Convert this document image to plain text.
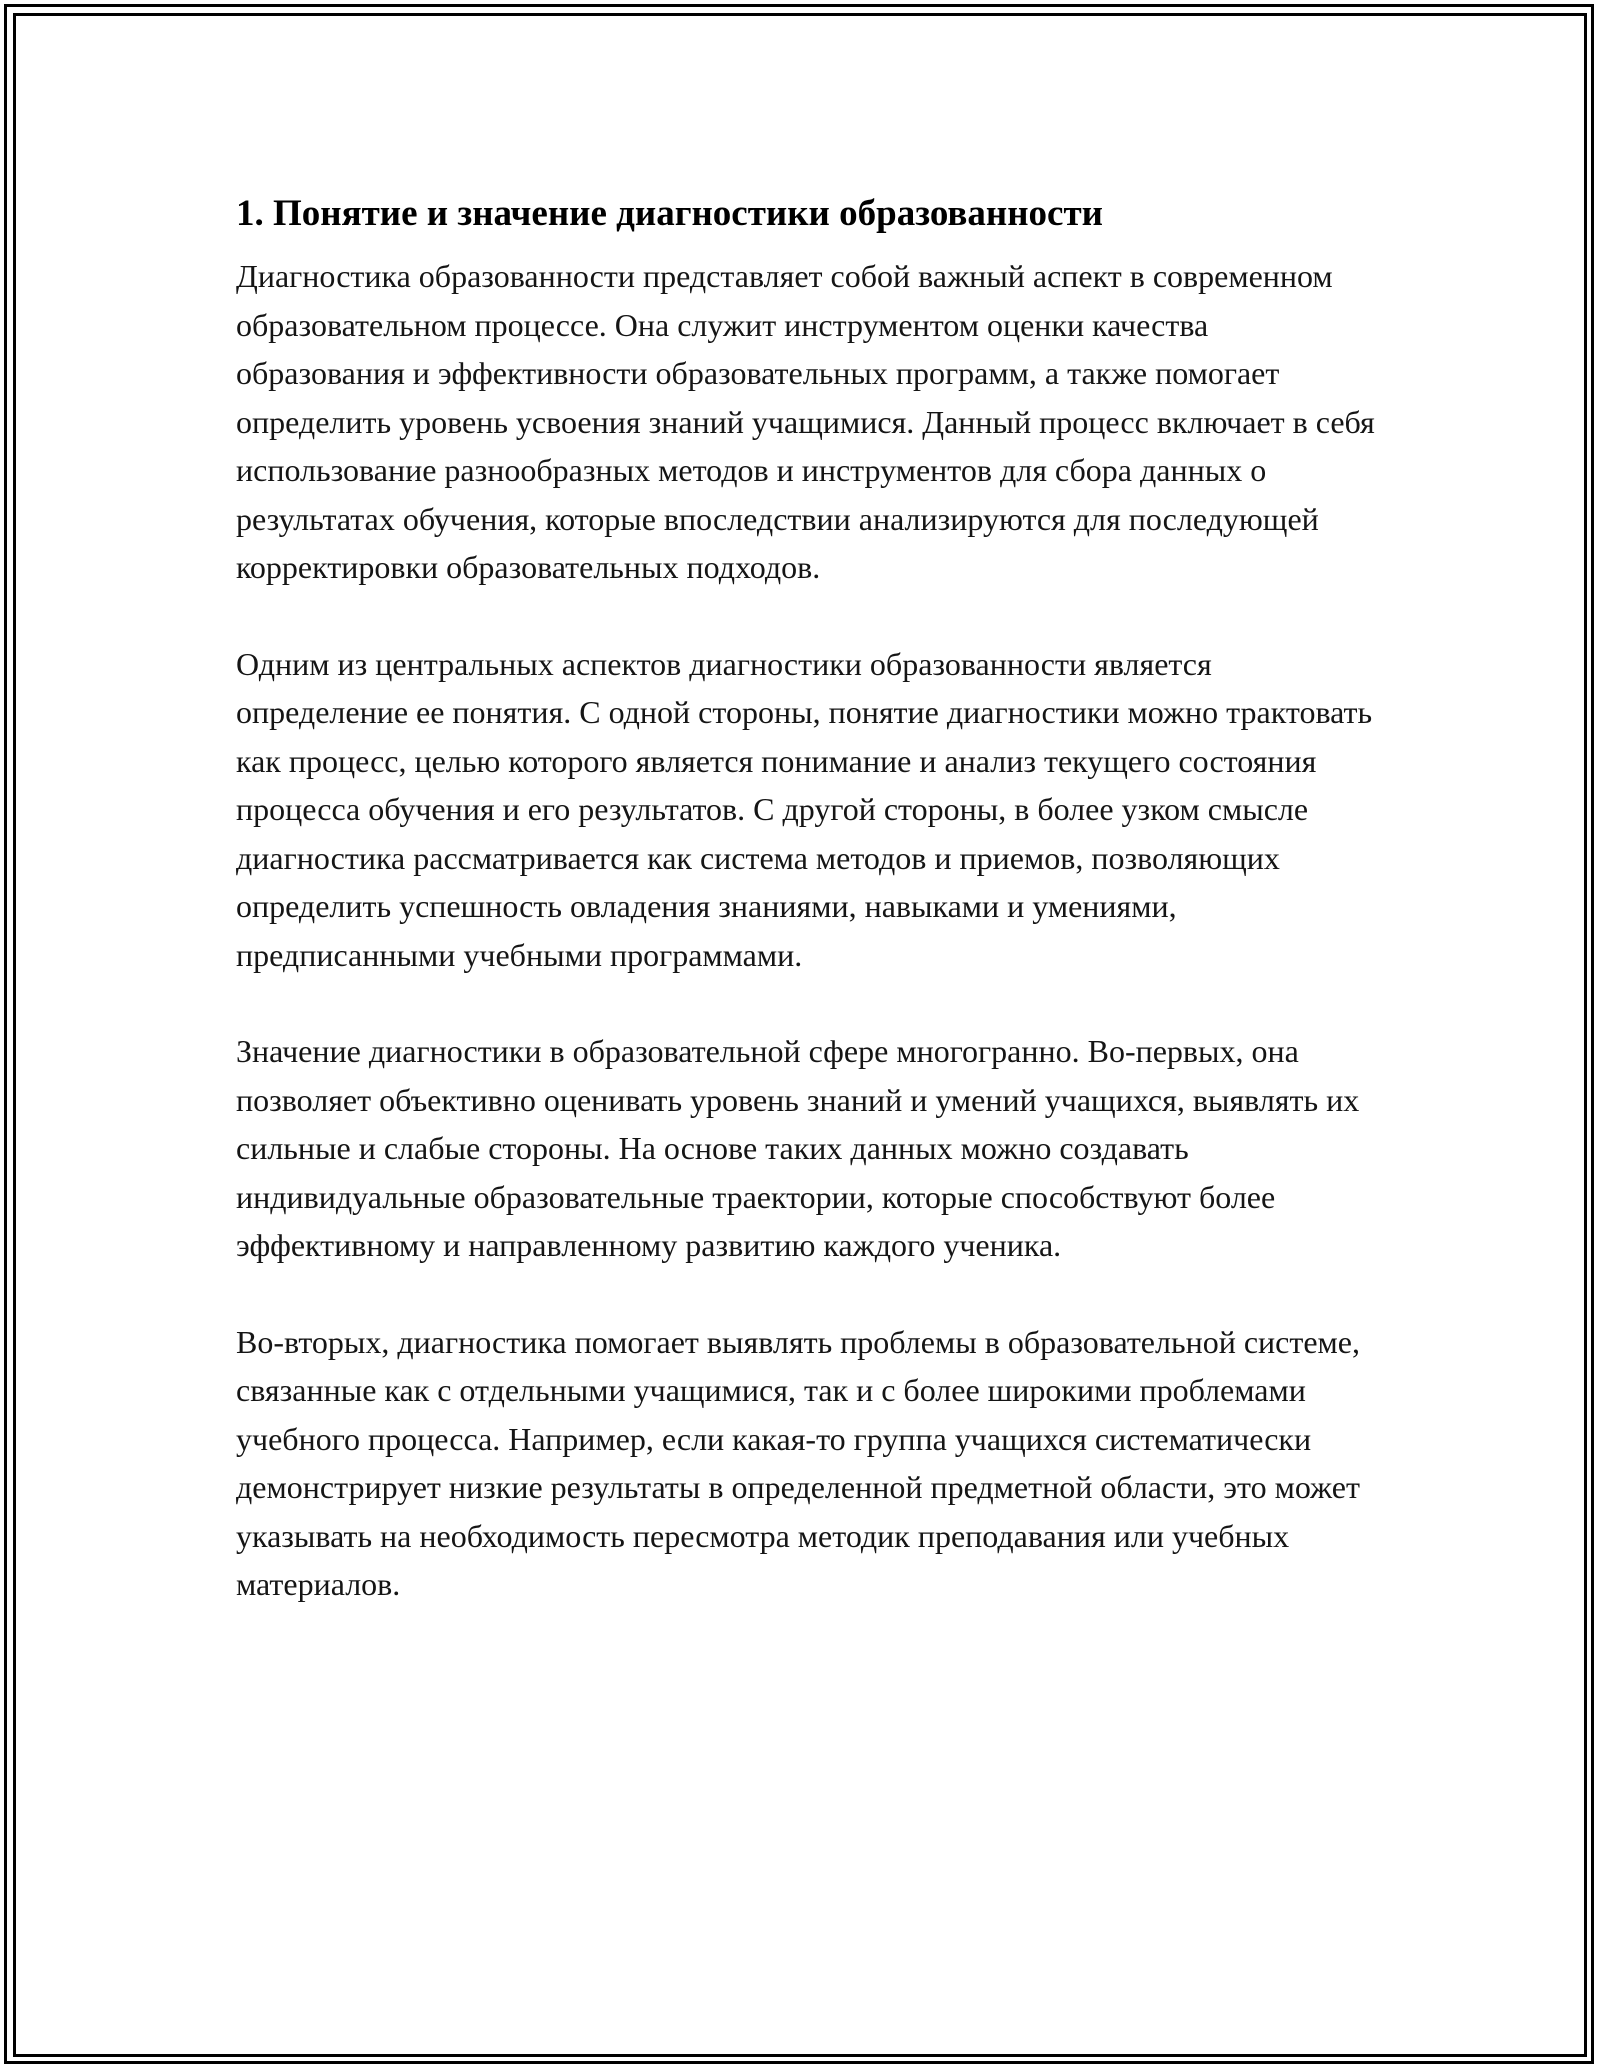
1. Понятие и значение диагностики образованности

Диагностика образованности представляет собой важный аспект в современном образовательном процессе. Она служит инструментом оценки качества образования и эффективности образовательных программ, а также помогает определить уровень усвоения знаний учащимися. Данный процесс включает в себя использование разнообразных методов и инструментов для сбора данных о результатах обучения, которые впоследствии анализируются для последующей корректировки образовательных подходов.

Одним из центральных аспектов диагностики образованности является определение ее понятия. С одной стороны, понятие диагностики можно трактовать как процесс, целью которого является понимание и анализ текущего состояния процесса обучения и его результатов. С другой стороны, в более узком смысле диагностика рассматривается как система методов и приемов, позволяющих определить успешность овладения знаниями, навыками и умениями, предписанными учебными программами.

Значение диагностики в образовательной сфере многогранно. Во-первых, она позволяет объективно оценивать уровень знаний и умений учащихся, выявлять их сильные и слабые стороны. На основе таких данных можно создавать индивидуальные образовательные траектории, которые способствуют более эффективному и направленному развитию каждого ученика.

Во-вторых, диагностика помогает выявлять проблемы в образовательной системе, связанные как с отдельными учащимися, так и с более широкими проблемами учебного процесса. Например, если какая-то группа учащихся систематически демонстрирует низкие результаты в определенной предметной области, это может указывать на необходимость пересмотра методик преподавания или учебных материалов.
